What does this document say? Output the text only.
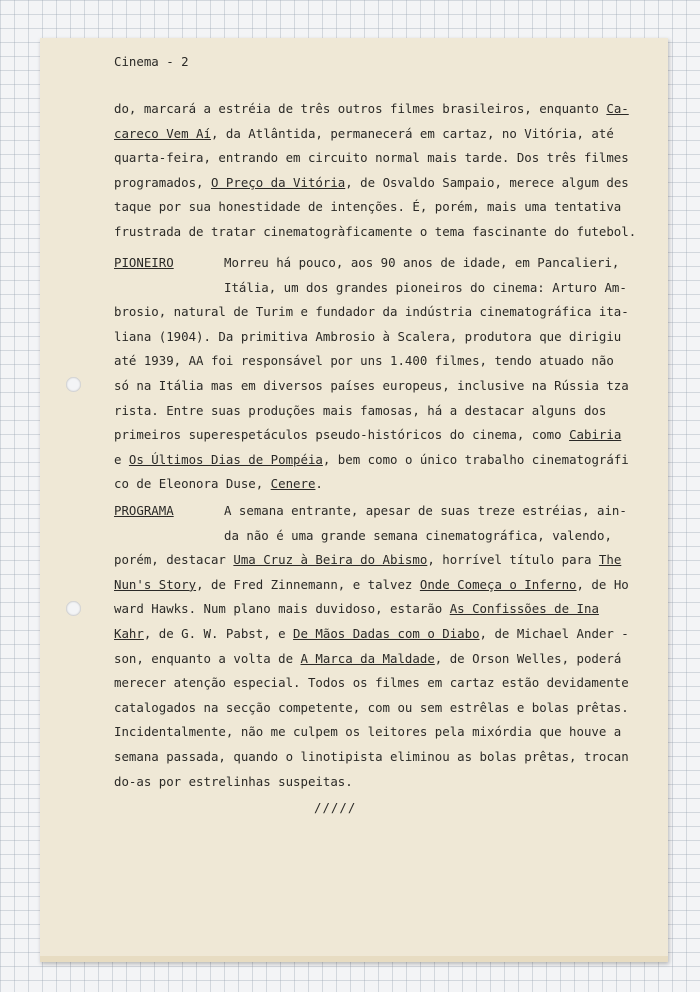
Cinema - 2
do, marcará a estréia de três outros filmes brasileiros, enquanto Ca-
careco Vem Aí, da Atlântida, permanecerá em cartaz, no Vitória, até
quarta-feira, entrando em circuito normal mais tarde. Dos três filmes
programados, O Preço da Vitória, de Osvaldo Sampaio, merece algum des
taque por sua honestidade de intenções. É, porém, mais uma tentativa
frustrada de tratar cinematogràficamente o tema fascinante do futebol.
PIONEIRO	Morreu há pouco, aos 90 anos de idade, em Pancalieri,
Itália, um dos grandes pioneiros do cinema: Arturo Am-
brosio, natural de Turim e fundador da indústria cinematográfica ita-
liana (1904). Da primitiva Ambrosio à Scalera, produtora que dirigiu
até 1939, AA foi responsável por uns 1.400 filmes, tendo atuado não
só na Itália mas em diversos países europeus, inclusive na Rússia tza
rista. Entre suas produções mais famosas, há a destacar alguns dos
primeiros superespetáculos pseudo-históricos do cinema, como Cabiria
e Os Últimos Dias de Pompéia, bem como o único trabalho cinematográfi
co de Eleonora Duse, Cenere.
PROGRAMA	A semana entrante, apesar de suas treze estréias, ain-
da não é uma grande semana cinematográfica, valendo,
porém, destacar Uma Cruz à Beira do Abismo, horrível título para The
Nun's Story, de Fred Zinnemann, e talvez Onde Começa o Inferno, de Ho
ward Hawks. Num plano mais duvidoso, estarão As Confissões de Ina
Kahr, de G. W. Pabst, e De Mãos Dadas com o Diabo, de Michael Ander -
son, enquanto a volta de A Marca da Maldade, de Orson Welles, poderá
merecer atenção especial. Todos os filmes em cartaz estão devidamente
catalogados na secção competente, com ou sem estrêlas e bolas prêtas.
Incidentalmente, não me culpem os leitores pela mixórdia que houve a
semana passada, quando o linotipista eliminou as bolas prêtas, trocan
do-as por estrelinhas suspeitas.
/////
